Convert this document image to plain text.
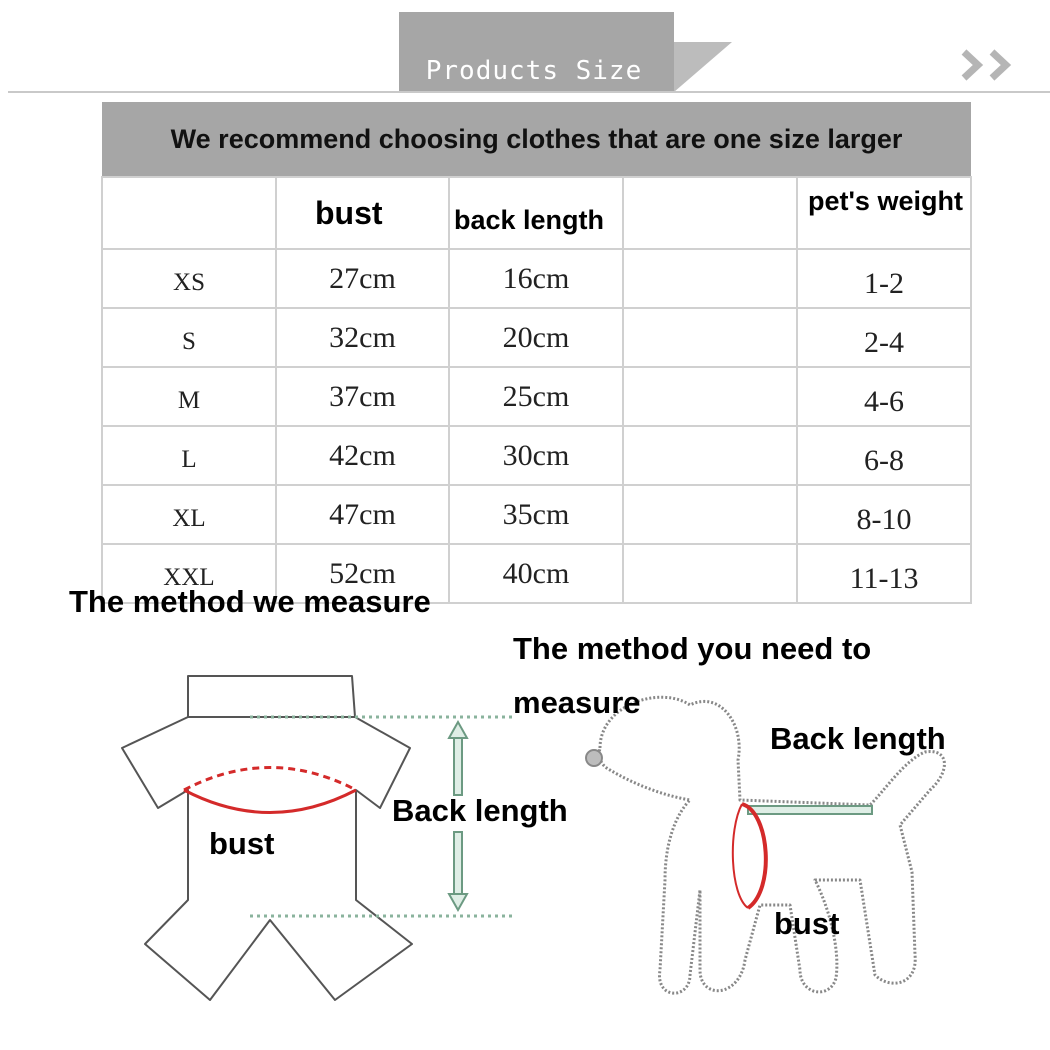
Products Size
We recommend choosing clothes that are one size larger				
	bust	back length		pet's weight
XS	27cm	16cm		1-2
S	32cm	20cm		2-4
M	37cm	25cm		4-6
L	42cm	30cm		6-8
XL	47cm	35cm		8-10
XXL	52cm	40cm		11-13
The method we measure
The method you need to measure
bust
Back length
Back length
bust
